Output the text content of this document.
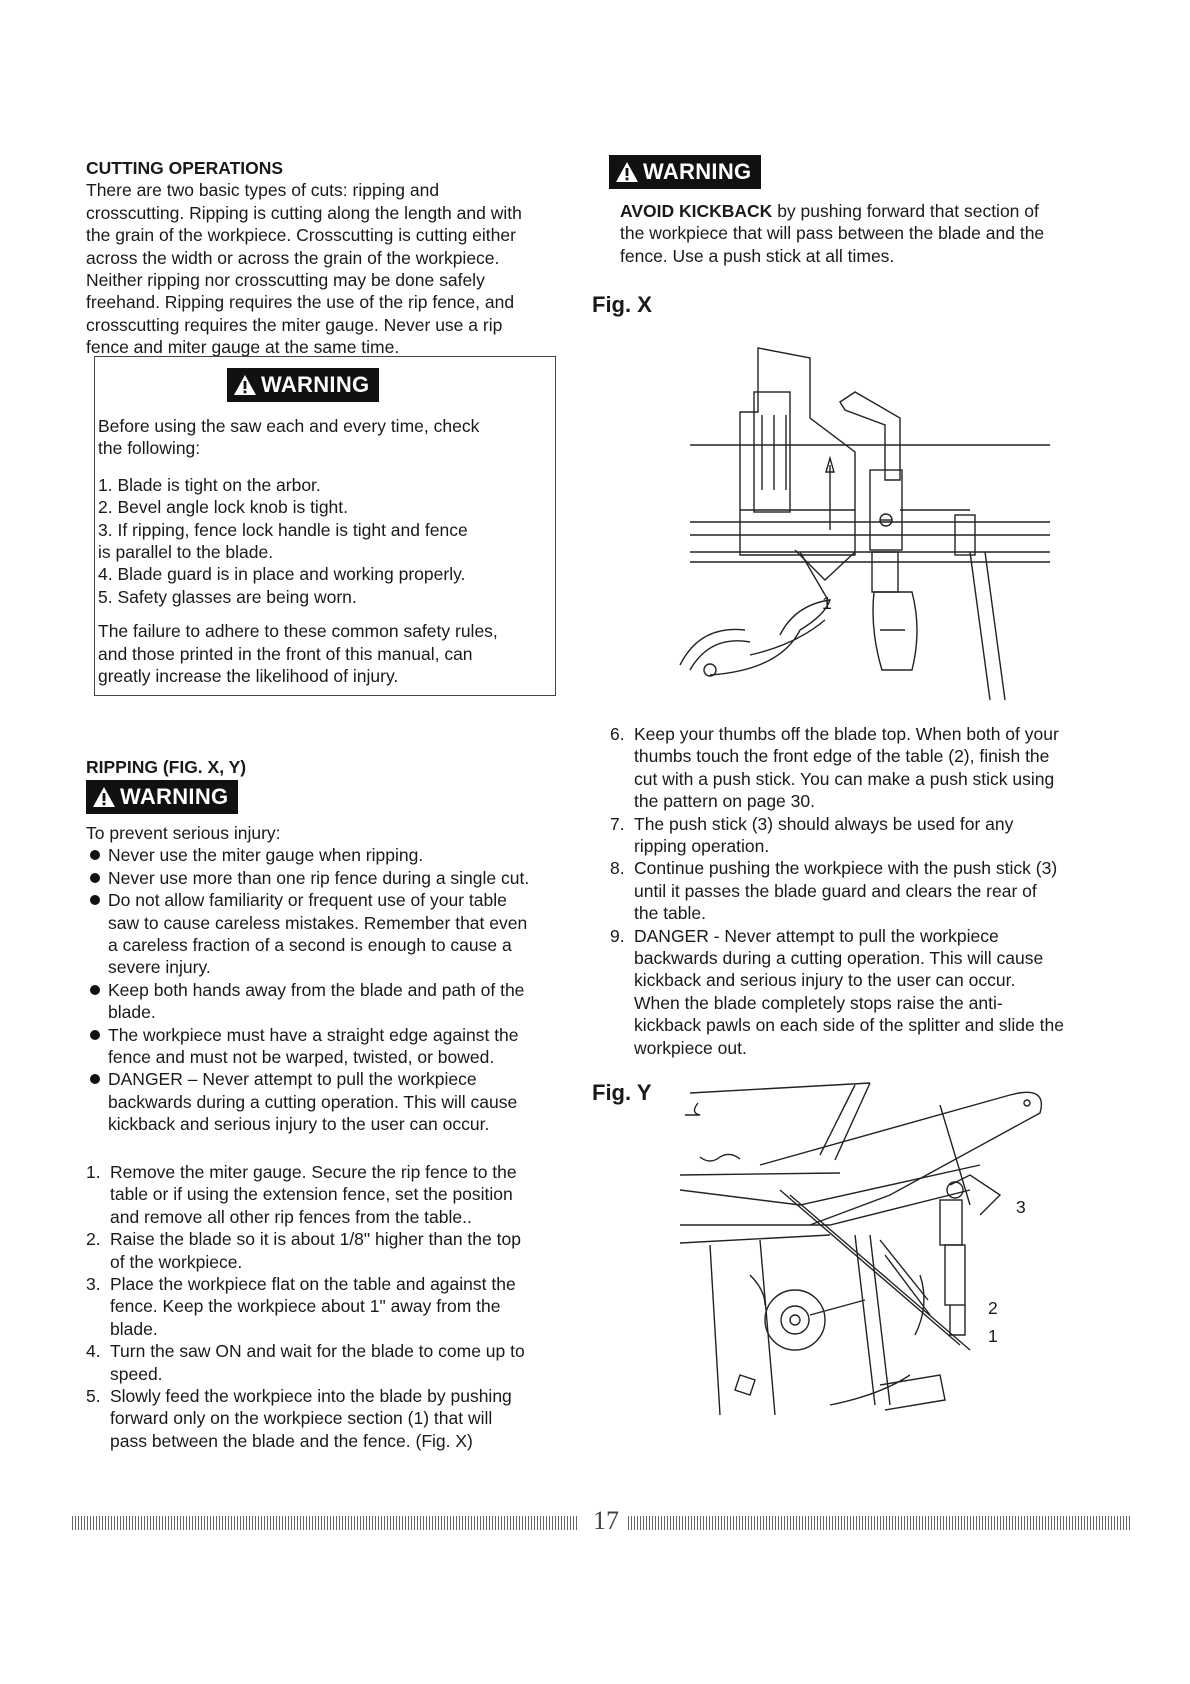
CUTTING OPERATIONS
There are two basic types of cuts: ripping and
crosscutting. Ripping is cutting along the length and with
the grain of the workpiece. Crosscutting is cutting either
across the width or across the grain of the workpiece.
Neither ripping nor crosscutting may be done safely
freehand. Ripping requires the use of the rip fence, and
crosscutting requires the miter gauge. Never use a rip
fence and miter gauge at the same time.
WARNING
Before using the saw each and every time, check
the following:
1. Blade is tight on the arbor.
2. Bevel angle lock knob is tight.
3. If ripping, fence lock handle is tight and fence
is parallel to the blade.
4. Blade guard is in place and working properly.
5. Safety glasses are being worn.
The failure to adhere to these common safety rules,
and those printed in the front of this manual, can
greatly increase the likelihood of injury.
RIPPING (FIG. X, Y)
WARNING
To prevent serious injury:
Never use the miter gauge when ripping.
Never use more than one rip fence during a single cut.
Do not allow familiarity or frequent use of your table
saw to cause careless mistakes. Remember that even
a careless fraction of a second is enough to cause a
severe injury.
Keep both hands away from the blade and path of the
blade.
The workpiece must have a straight edge against the
fence and must not be warped, twisted, or bowed.
DANGER – Never attempt to pull the workpiece
backwards during a cutting operation. This will cause
kickback and serious injury to the user can occur.
1. Remove the miter gauge. Secure the rip fence to the
table or if using the extension fence, set the position
and remove all other rip fences from the table..
2. Raise the blade so it is about 1/8" higher than the top
of the workpiece.
3. Place the workpiece flat on the table and against the
fence. Keep the workpiece about 1" away from the
blade.
4. Turn the saw ON and wait for the blade to come up to
speed.
5. Slowly feed the workpiece into the blade by pushing
forward only on the workpiece section (1) that will
pass between the blade and the fence. (Fig. X)
WARNING
AVOID KICKBACK by pushing forward that section of
the workpiece that will pass between the blade and the
fence. Use a push stick at all times.
Fig. X
1
6. Keep your thumbs off the blade top. When both of your
thumbs touch the front edge of the table (2), finish the
cut with a push stick. You can make a push stick using
the pattern on page 30.
7. The push stick (3) should always be used for any
ripping operation.
8. Continue pushing the workpiece with the push stick (3)
until it passes the blade guard and clears the rear of
the table.
9. DANGER - Never attempt to pull the workpiece
backwards during a cutting operation. This will cause
kickback and serious injury to the user can occur.
When the blade completely stops raise the anti-
kickback pawls on each side of the splitter and slide the
workpiece out.
Fig. Y
3
2
1
17
